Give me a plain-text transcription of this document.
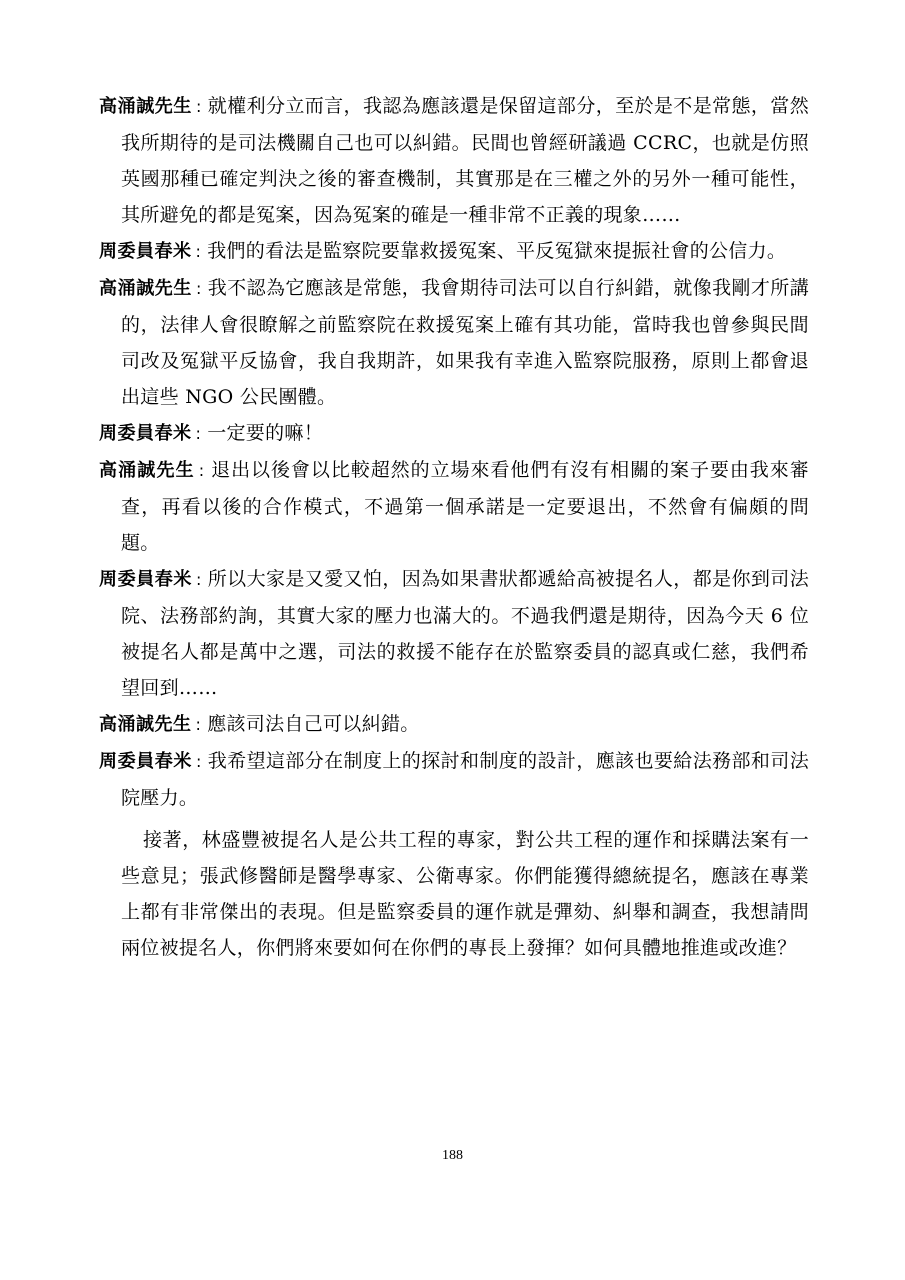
高涌誠先生 : 就權利分立而言，我認為應該還是保留這部分，至於是不是常態，當然我所期待的是司法機關自己也可以糾錯。民間也曾經研議過 CCRC，也就是仿照英國那種已確定判決之後的審查機制，其實那是在三權之外的另外一種可能性，其所避免的都是冤案，因為冤案的確是一種非常不正義的現象……

周委員春米 : 我們的看法是監察院要靠救援冤案、平反冤獄來提振社會的公信力。

高涌誠先生 : 我不認為它應該是常態，我會期待司法可以自行糾錯，就像我剛才所講的，法律人會很瞭解之前監察院在救援冤案上確有其功能，當時我也曾參與民間司改及冤獄平反協會，我自我期許，如果我有幸進入監察院服務，原則上都會退出這些 NGO 公民團體。

周委員春米 : 一定要的嘛！

高涌誠先生 : 退出以後會以比較超然的立場來看他們有沒有相關的案子要由我來審查，再看以後的合作模式，不過第一個承諾是一定要退出，不然會有偏頗的問題。

周委員春米 : 所以大家是又愛又怕，因為如果書狀都遞給高被提名人，都是你到司法院、法務部約詢，其實大家的壓力也滿大的。不過我們還是期待，因為今天 6 位被提名人都是萬中之選，司法的救援不能存在於監察委員的認真或仁慈，我們希望回到……

高涌誠先生 : 應該司法自己可以糾錯。

周委員春米 : 我希望這部分在制度上的探討和制度的設計，應該也要給法務部和司法院壓力。

接著，林盛豐被提名人是公共工程的專家，對公共工程的運作和採購法案有一些意見；張武修醫師是醫學專家、公衛專家。你們能獲得總統提名，應該在專業上都有非常傑出的表現。但是監察委員的運作就是彈劾、糾舉和調查，我想請問兩位被提名人，你們將來要如何在你們的專長上發揮？如何具體地推進或改進？

188
